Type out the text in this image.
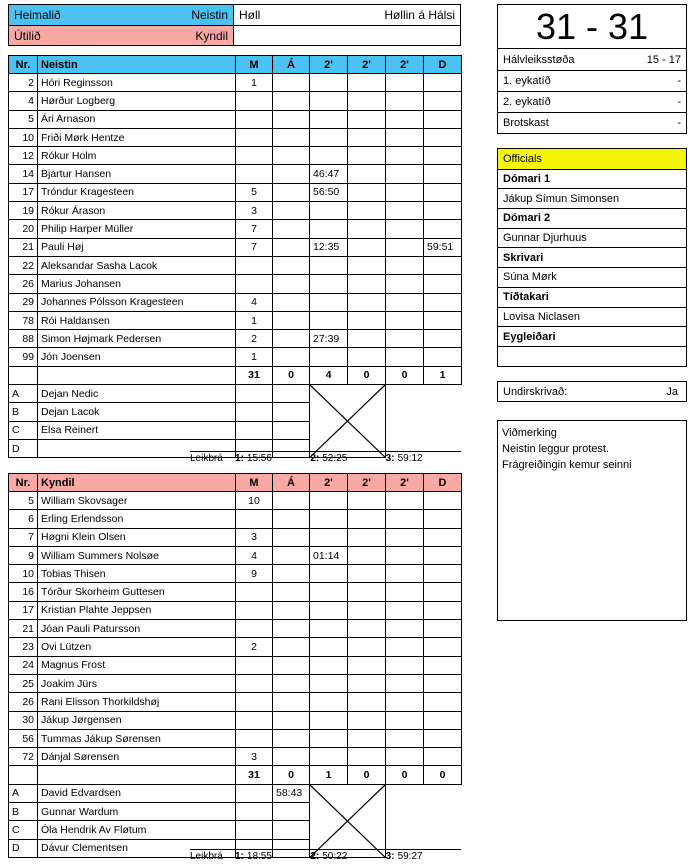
Heimalið	Neistin Høll	Høllin á Hálsi
Útilið	Kyndil
Nr.	Neistin	M	Á	2'	2'	2'	D
2	Hóri Reginsson	1					
4	Hørður Logberg						
5	Ári Arnason						
10	Friði Mørk Hentze						
12	Rókur Holm						
14	Bjartur Hansen			46:47			
17	Tróndur Kragesteen	5		56:50			
19	Rókur Árason	3					
20	Philip Harper Müller	7					
21	Pauli Høj	7		12:35			59:51
22	Aleksandar Sasha Lacok						
26	Marius Johansen						
29	Johannes Pólsson Kragesteen	4					
78	Rói Haldansen	1					
88	Simon Højmark Pedersen	2		27:39			
99	Jón Joensen	1					
		31	0	4	0	0	1
A	Dejan Nedic			

B	Dejan Lacok						
C	Elsa Reinert						
D							
Leikbrá	1: 15:56	2: 52:25	3: 59:12
Nr.	Kyndil	M	Á	2'	2'	2'	D
5	William Skovsager	10					
6	Erling Erlendsson						
7	Høgni Klein Olsen	3					
9	William Summers Nolsøe	4		01:14			
10	Tobias Thisen	9					
16	Tórður Skorheim Guttesen						
17	Kristian Plahte Jeppsen						
21	Jóan Pauli Patursson						
23	Ovi Lützen	2					
24	Magnus Frost						
25	Joakim Jürs						
26	Rani Elisson Thorkildshøj						
30	Jákup Jørgensen						
56	Tummas Jákup Sørensen						
72	Dánjal Sørensen	3					
		31	0	1	0	0	0
A	David Edvardsen		58:43	

B	Gunnar Wardum						
C	Óla Hendrik Av Fløtum						
D	Dávur Clementsen						
Leikbrá	1: 18:55	2: 50:22	3: 59:27
31 - 31
Hálvleiksstøða	15 - 17
1. eykatíð	-
2. eykatíð	-
Brotskast	-
Officials
Dómari 1
Jákup Símun Simonsen
Dómari 2
Gunnar Djurhuus
Skrivari
Súna Mørk
Tíðtakari
Lovisa Niclasen
Eygleiðari
Undirskrivað:	Ja
Viðmerking
Neistin leggur protest.
Frágreiðingin kemur seinni
